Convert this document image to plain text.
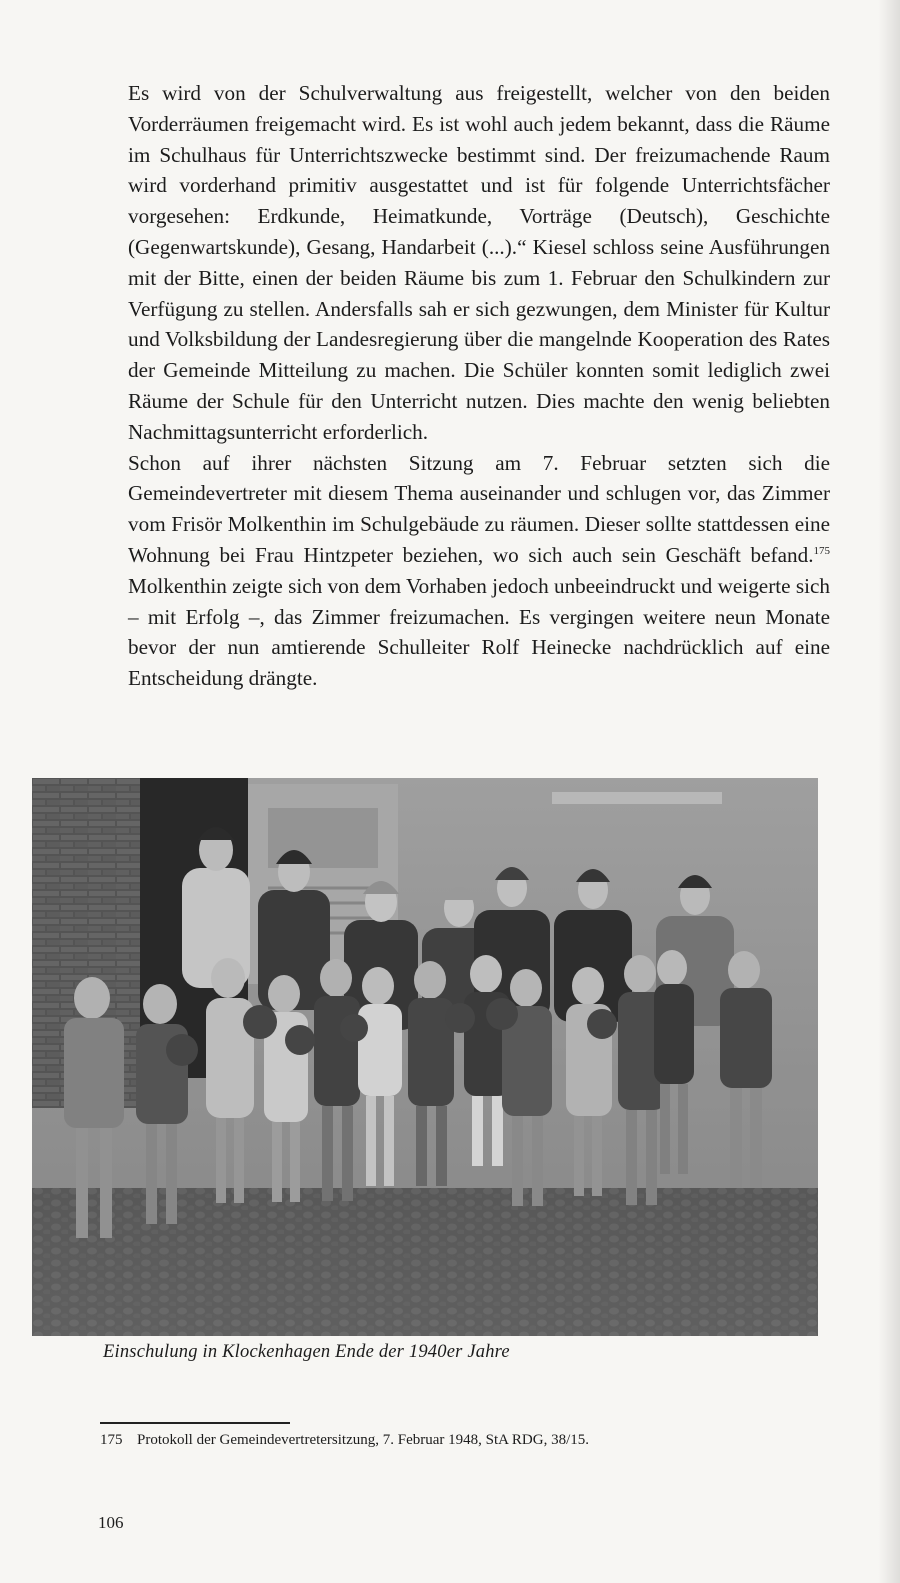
Es wird von der Schulverwaltung aus freigestellt, welcher von den beiden Vorderräumen freigemacht wird. Es ist wohl auch jedem bekannt, dass die Räume im Schulhaus für Unterrichtszwecke bestimmt sind. Der freizumachende Raum wird vorderhand primitiv ausgestattet und ist für folgende Unterrichtsfächer vorgesehen: Erdkunde, Heimatkunde, Vorträge (Deutsch), Geschichte (Gegenwartskunde), Gesang, Handarbeit (...).“ Kiesel schloss seine Ausführungen mit der Bitte, einen der beiden Räume bis zum 1. Februar den Schulkindern zur Verfügung zu stellen. Andersfalls sah er sich gezwungen, dem Minister für Kultur und Volksbildung der Landesregierung über die mangelnde Kooperation des Rates der Gemeinde Mitteilung zu machen. Die Schüler konnten somit lediglich zwei Räume der Schule für den Unterricht nutzen. Dies machte den wenig beliebten Nachmittagsunterricht erforderlich.

Schon auf ihrer nächsten Sitzung am 7. Februar setzten sich die Gemeindevertreter mit diesem Thema auseinander und schlugen vor, das Zimmer vom Frisör Molkenthin im Schulgebäude zu räumen. Dieser sollte stattdessen eine Wohnung bei Frau Hintzpeter beziehen, wo sich auch sein Geschäft befand.$^{175}$ Molkenthin zeigte sich von dem Vorhaben jedoch unbeeindruckt und weigerte sich – mit Erfolg –, das Zimmer freizumachen. Es vergingen weitere neun Monate bevor der nun amtierende Schulleiter Rolf Heinecke nachdrücklich auf eine Entscheidung drängte.

Einschulung in Klockenhagen Ende der 1940er Jahre
175 Protokoll der Gemeindevertretersitzung, 7. Februar 1948, StA RDG, 38/15.
106
